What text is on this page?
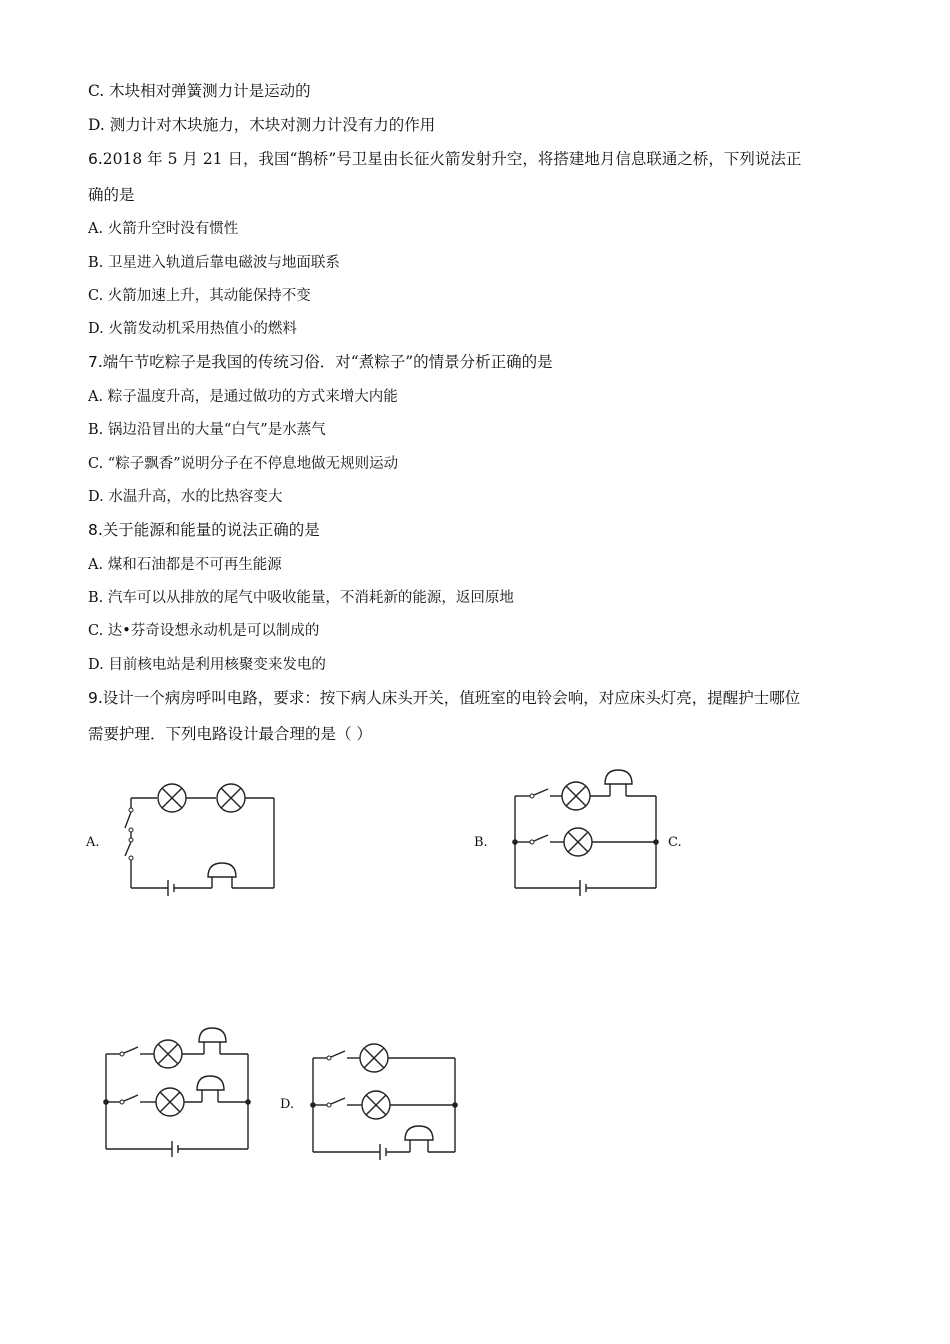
C. 木块相对弹簧测力计是运动的
D. 测力计对木块施力，木块对测力计没有力的作用
6.2018 年 5 月 21 日，我国“鹊桥”号卫星由长征火箭发射升空，将搭建地月信息联通之桥，下列说法正
确的是
A. 火箭升空时没有惯性
B. 卫星进入轨道后靠电磁波与地面联系
C. 火箭加速上升，其动能保持不变
D. 火箭发动机采用热值小的燃料
7.端午节吃粽子是我国的传统习俗．对“煮粽子”的情景分析正确的是
A. 粽子温度升高，是通过做功的方式来增大内能
B. 锅边沿冒出的大量“白气”是水蒸气
C. “粽子飘香”说明分子在不停息地做无规则运动
D. 水温升高，水的比热容变大
8.关于能源和能量的说法正确的是
A. 煤和石油都是不可再生能源
B. 汽车可以从排放的尾气中吸收能量，不消耗新的能源，返回原地
C. 达•芬奇设想永动机是可以制成的
D. 目前核电站是利用核聚变来发电的
9.设计一个病房呼叫电路，要求：按下病人床头开关，值班室的电铃会响，对应床头灯亮，提醒护士哪位
需要护理．下列电路设计最合理的是（ ）
A.	B.	C.
D.
